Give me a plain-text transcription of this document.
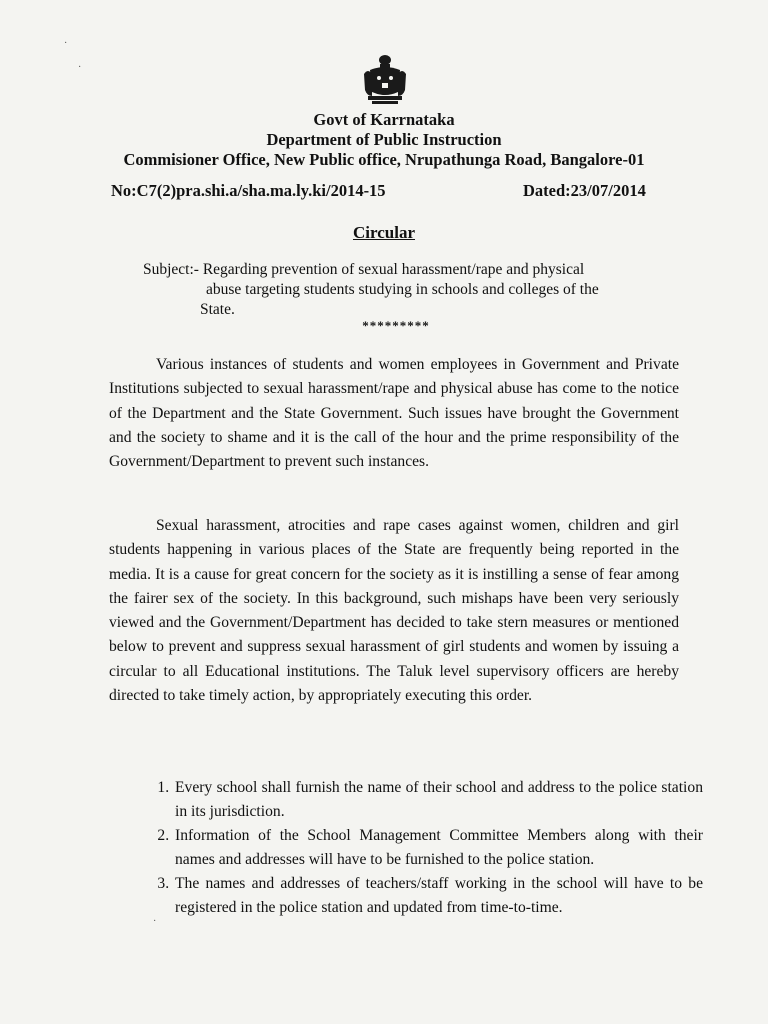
Govt of Karrnataka
Department of Public Instruction
Commisioner Office, New Public office, Nrupathunga Road, Bangalore-01
No:C7(2)pra.shi.a/sha.ma.ly.ki/2014-15	Dated:23/07/2014
Circular
Subject:- Regarding prevention of sexual harassment/rape and physical
abuse targeting students studying in schools and colleges of the
State.
*********

Various instances of students and women employees in Government and Private Institutions subjected to sexual harassment/rape and physical abuse has come to the notice of the Department and the State Government. Such issues have brought the Government and the society to shame and it is the call of the hour and the prime responsibility of the Government/Department to prevent such instances.

Sexual harassment, atrocities and rape cases against women, children and girl students happening in various places of the State are frequently being reported in the media. It is a cause for great concern for the society as it is instilling a sense of fear among the fairer sex of the society. In this background, such mishaps have been very seriously viewed and the Government/Department has decided to take stern measures or mentioned below to prevent and suppress sexual harassment of girl students and women by issuing a circular to all Educational institutions. The Taluk level supervisory officers are hereby directed to take timely action, by appropriately executing this order.

1. Every school shall furnish the name of their school and address to the police station in its jurisdiction.
2. Information of the School Management Committee Members along with their names and addresses will have to be furnished to the police station.
3. The names and addresses of teachers/staff working in the school will have to be registered in the police station and updated from time-to-time.
·
·
·
